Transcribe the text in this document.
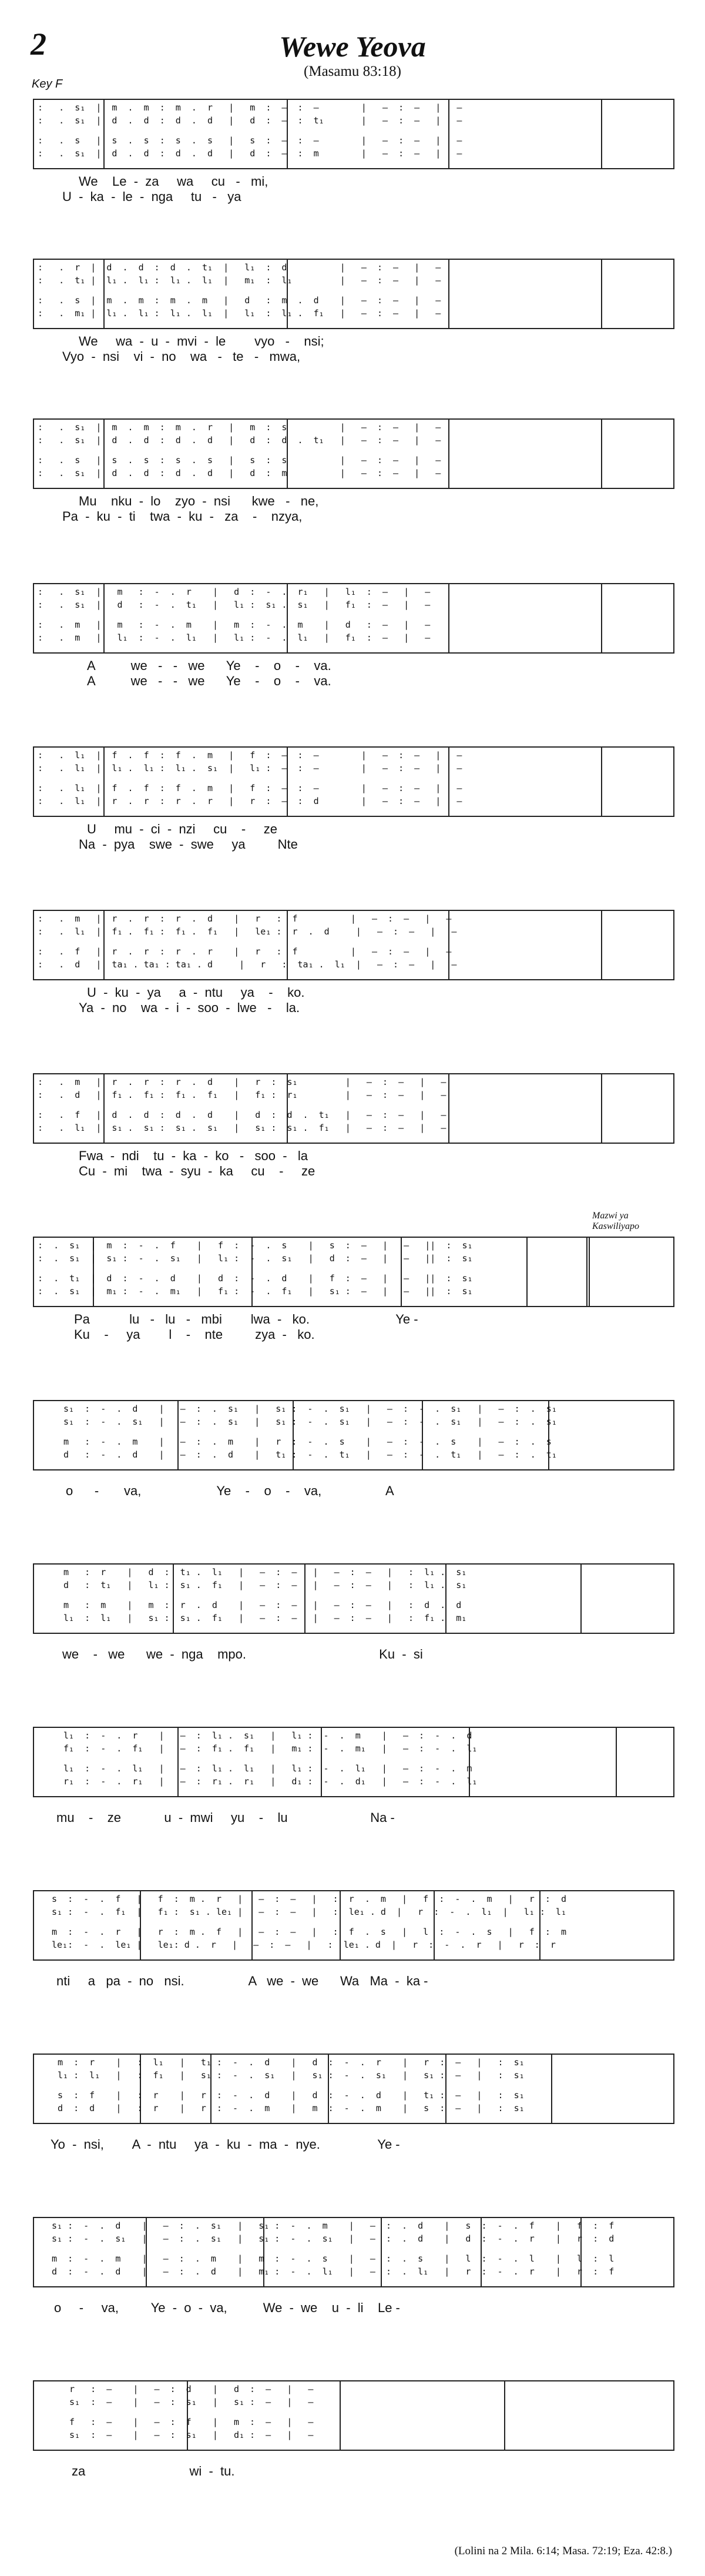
2	Wewe Yeova
(Masamu 83:18)
Key F
:   .  s₁  |  m  .  m  :  m  .  r   |   m  :  —  :  —        |   —  :  —   |   —
:   .  s₁  |  d  .  d  :  d  .  d   |   d  :  —  :  t₁       |   —  :  —   |   —
:   .  s   |  s  .  s  :  s  .  s   |   s  :  —  :  —        |   —  :  —   |   —
:   .  s₁  |  d  .  d  :  d  .  d   |   d  :  —  :  m        |   —  :  —   |   —
We    Le  -  za     wa     cu   -   mi,
U  -  ka  -  le  -  nga     tu   -   ya
:   .  r  |  d  .  d  :  d  .  t₁  |   l₁  :  d          |   —  :  —   |   —
:   .  t₁ |  l₁ .  l₁ :  l₁ .  l₁  |   m₁  :  l₁         |   —  :  —   |   —
:   .  s  |  m  .  m  :  m  .  m   |   d   :  m  .  d    |   —  :  —   |   —
:   .  m₁ |  l₁ .  l₁ :  l₁ .  l₁  |   l₁  :  l₁ .  f₁   |   —  :  —   |   —
We     wa  -  u  -  mvi  -  le        vyo   -    nsi;
Vyo  -  nsi    vi  -  no    wa   -   te   -   mwa,
:   .  s₁  |  m  .  m  :  m  .  r   |   m  :  s          |   —  :  —   |   —
:   .  s₁  |  d  .  d  :  d  .  d   |   d  :  d  .  t₁   |   —  :  —   |   —
:   .  s   |  s  .  s  :  s  .  s   |   s  :  s          |   —  :  —   |   —
:   .  s₁  |  d  .  d  :  d  .  d   |   d  :  m          |   —  :  —   |   —
Mu    nku  -  lo    zyo  -  nsi      kwe   -   ne,
Pa  -  ku  -  ti    twa  -  ku  -   za    -    nzya,
:   .  s₁  |   m   :  -  .  r    |   d  :  -  .  r₁   |   l₁  :  —   |   —
:   .  s₁  |   d   :  -  .  t₁   |   l₁ :  s₁ .  s₁   |   f₁  :  —   |   —
:   .  m   |   m   :  -  .  m    |   m  :  -  .  m    |   d   :  —   |   —
:   .  m   |   l₁  :  -  .  l₁   |   l₁ :  -  .  l₁   |   f₁  :  —   |   —
A          we   -   -   we      Ye    -    o    -    va.
A          we   -   -   we      Ye    -    o    -    va.
:   .  l₁  |  f  .  f  :  f  .  m   |   f  :  —  :  —        |   —  :  —   |   —
:   .  l₁  |  l₁ .  l₁ :  l₁ .  s₁  |   l₁ :  —  :  —        |   —  :  —   |   —
:   .  l₁  |  f  .  f  :  f  .  m   |   f  :  —  :  —        |   —  :  —   |   —
:   .  l₁  |  r  .  r  :  r  .  r   |   r  :  —  :  d        |   —  :  —   |   —
U     mu  -  ci  -  nzi     cu    -     ze
Na  -  pya    swe  -  swe     ya         Nte
:   .  m   |  r  .  r  :  r  .  d    |   r   :  f          |   —  :  —   |   —
:   .  l₁  |  f₁ .  f₁ :  f₁ .  f₁   |   le₁ :  r  .  d     |   —  :  —   |   —
:   .  f   |  r  .  r  :  r  .  r    |   r   :  f          |   —  :  —   |   —
:   .  d   |  ta₁ . ta₁ : ta₁ . d     |   r   :  ta₁ .  l₁  |   —  :  —   |   —
U  -  ku  -  ya     a  -  ntu     ya    -    ko.
Ya  -  no    wa  -  i  -  soo  -  lwe   -    la.
:   .  m   |  r  .  r  :  r  .  d    |   r  :  s₁         |   —  :  —   |   —
:   .  d   |  f₁ .  f₁ :  f₁ .  f₁   |   f₁ :  r₁         |   —  :  —   |   —
:   .  f   |  d  .  d  :  d  .  d    |   d  :  d  .  t₁   |   —  :  —   |   —
:   .  l₁  |  s₁ .  s₁ :  s₁ .  s₁   |   s₁ :  s₁ .  f₁   |   —  :  —   |   —
Fwa  -  ndi    tu  -  ka  -  ko   -   soo  -   la
Cu  -  mi    twa  -  syu  -  ka     cu    -     ze
Mazwi ya
Kaswiliyapo
:  .  s₁  |  m  :  -  .  f    |   f  :  -  .  s    |   s  :  —   |   —   ||  :  s₁
:  .  s₁  |  s₁ :  -  .  s₁   |   l₁ :  -  .  s₁   |   d  :  —   |   —   ||  :  s₁
:  .  t₁  |  d  :  -  .  d    |   d  :  -  .  d    |   f  :  —   |   —   ||  :  s₁
:  .  s₁  |  m₁ :  -  .  m₁   |   f₁ :  -  .  f₁   |   s₁ :  —   |   —   ||  :  s₁
Pa           lu   -   lu   -   mbi        lwa  -   ko.                        Ye -
Ku    -     ya        l    -    nte         zya  -   ko.
s₁  :  -  .  d    |   —  :  .  s₁   |   s₁ :  -  .  s₁   |   —  :  -  .  s₁   |   —  :  .  s₁
s₁  :  -  .  s₁   |   —  :  .  s₁   |   s₁ :  -  .  s₁   |   —  :  -  .  s₁   |   —  :  .  s₁
m   :  -  .  m    |   —  :  .  m    |   r  :  -  .  s    |   —  :  -  .  s    |   —  :  .  s
d   :  -  .  d    |   —  :  .  d    |   t₁ :  -  .  t₁   |   —  :  -  .  t₁   |   —  :  .  t₁
o      -       va,                     Ye    -    o    -    va,                  A
m   :  r    |   d  :  t₁ .  l₁   |   —  :  —   |   —  :  —   |   :  l₁ .  s₁
d   :  t₁   |   l₁ :  s₁ .  f₁   |   —  :  —   |   —  :  —   |   :  l₁ .  s₁
m   :  m    |   m  :  r  .  d    |   —  :  —   |   —  :  —   |   :  d  .  d
l₁  :  l₁   |   s₁ :  s₁ .  f₁   |   —  :  —   |   —  :  —   |   :  f₁ .  m₁
we    -   we      we  -  nga    mpo.                                     Ku  -  si
l₁  :  -  .  r    |   —  :  l₁ .  s₁   |   l₁ :  -  .  m    |   —  :  -  .  d
f₁  :  -  .  f₁   |   —  :  f₁ .  f₁   |   m₁ :  -  .  m₁   |   —  :  -  .  l₁
l₁  :  -  .  l₁   |   —  :  l₁ .  l₁   |   l₁ :  -  .  l₁   |   —  :  -  .  m
r₁  :  -  .  r₁   |   —  :  r₁ .  r₁   |   d₁ :  -  .  d₁   |   —  :  -  .  l₁
mu    -    ze            u  -  mwi     yu    -    lu                       Na -
s  :  -  .  f   |   f  :  m .  r   |   —  :  —   |   :  r  .  m   |   f  :  -  .  m   |   r  :  d
s₁ :  -  .  f₁  |   f₁ :  s₁ . le₁ |   —  :  —   |   :  le₁ . d  |   r  :  -  .  l₁  |   l₁ :  l₁
m  :  -  .  r   |   r  :  m .  f   |   —  :  —   |   :  f  .  s   |   l  :  -  .  s   |   f  :  m
le₁:  -  .  le₁ |   le₁: d .  r   |   —  :  —   |   :  le₁ . d  |   r  :  -  .  r   |   r  :  r
nti     a   pa  -  no   nsi.                  A   we  -  we      Wa   Ma  -  ka -
m  :  r    |   :  l₁   |   t₁ :  -  .  d    |   d  :  -  .  r    |   r  :  —   |   :  s₁
l₁ :  l₁   |   :  f₁   |   s₁ :  -  .  s₁   |   s₁ :  -  .  s₁   |   s₁ :  —   |   :  s₁
s  :  f    |   :  r    |   r  :  -  .  d    |   d  :  -  .  d    |   t₁ :  —   |   :  s₁
d  :  d    |   :  r    |   r  :  -  .  m    |   m  :  -  .  m    |   s  :  —   |   :  s₁
Yo  -  nsi,        A  -  ntu     ya  -  ku  -  ma  -  nye.                Ye -
s₁ :  -  .  d    |   —  :  .  s₁   |   s₁ :  -  .  m    |   —  :  .  d    |   s  :  -  .  f    |   f  :  f
s₁ :  -  .  s₁   |   —  :  .  s₁   |   s₁ :  -  .  s₁   |   —  :  .  d    |   d  :  -  .  r    |   r  :  d
m  :  -  .  m    |   —  :  .  m    |   m  :  -  .  s    |   —  :  .  s    |   l  :  -  .  l    |   l  :  l
d  :  -  .  d    |   —  :  .  d    |   m₁ :  -  .  l₁   |   —  :  .  l₁   |   r  :  -  .  r    |   r  :  f
o     -     va,         Ye  -  o  -  va,          We  -  we    u  -  li    Le -
r   :  —    |   —  :  d    |   d  :  —   |   —
s₁  :  —    |   —  :  s₁   |   s₁ :  —   |   —
f   :  —    |   —  :  f    |   m  :  —   |   —
s₁  :  —    |   —  :  s₁   |   d₁ :  —   |   —
za                             wi  -  tu.
(Lolini na 2 Mila. 6:14; Masa. 72:19; Eza. 42:8.)
